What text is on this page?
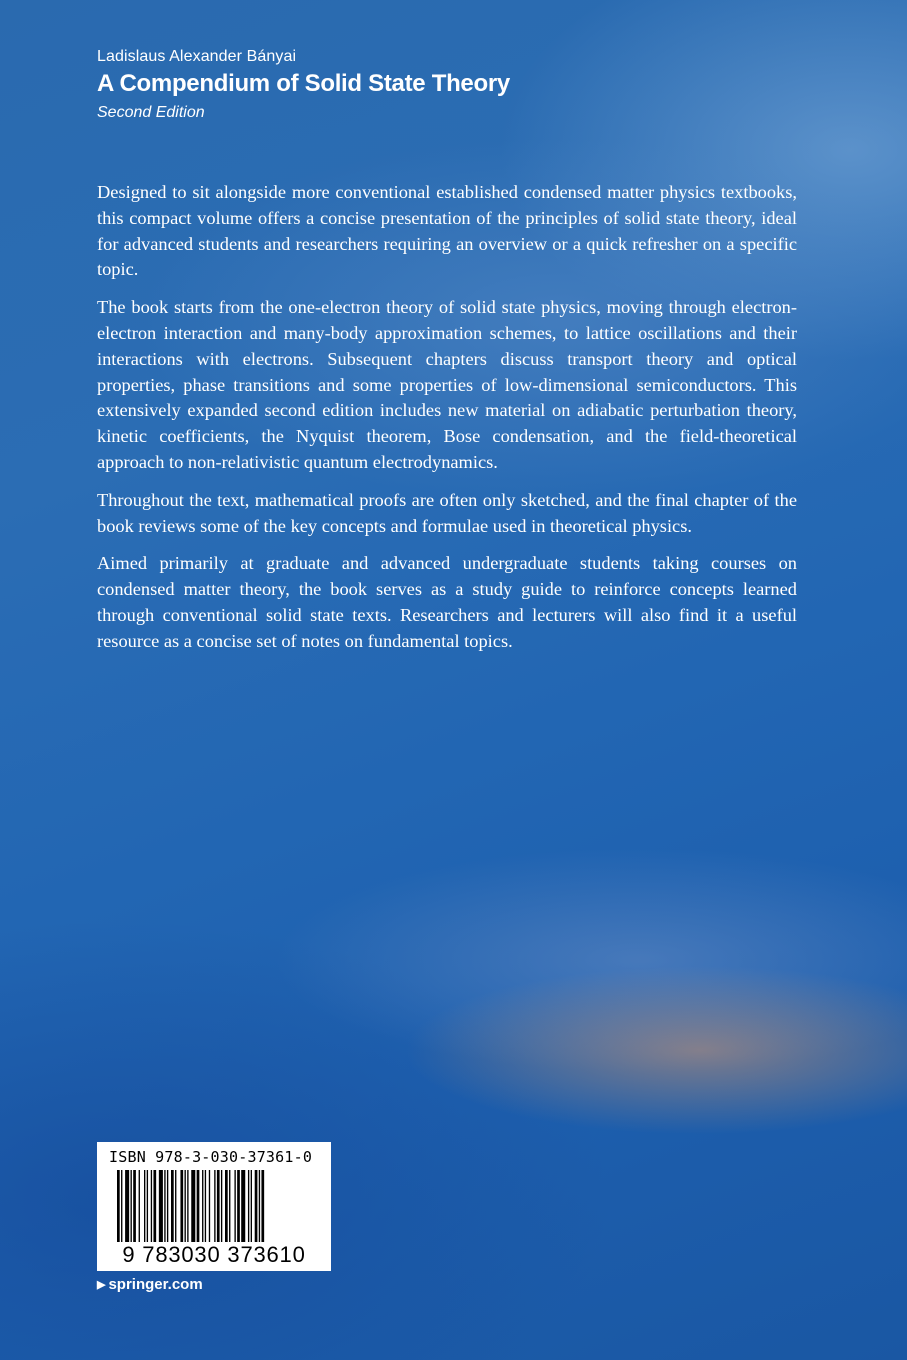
Ladislaus Alexander Bányai
A Compendium of Solid State Theory
Second Edition

Designed to sit alongside more conventional established condensed matter physics textbooks, this compact volume offers a concise presentation of the principles of solid state theory, ideal for advanced students and researchers requiring an overview or a quick refresher on a specific topic.

The book starts from the one-electron theory of solid state physics, moving through electron-electron interaction and many-body approximation schemes, to lattice oscillations and their interactions with electrons. Subsequent chapters discuss transport theory and optical properties, phase transitions and some properties of low-dimensional semiconductors. This extensively expanded second edition includes new material on adiabatic perturbation theory, kinetic coefficients, the Nyquist theorem, Bose condensation, and the field-theoretical approach to non-relativistic quantum electrodynamics.

Throughout the text, mathematical proofs are often only sketched, and the final chapter of the book reviews some of the key concepts and formulae used in theoretical physics.

Aimed primarily at graduate and advanced undergraduate students taking courses on condensed matter theory, the book serves as a study guide to reinforce concepts learned through conventional solid state texts. Researchers and lecturers will also find it a useful resource as a concise set of notes on fundamental topics.

ISBN 978-3-030-37361-0
9 783030 373610
▶ springer.com
